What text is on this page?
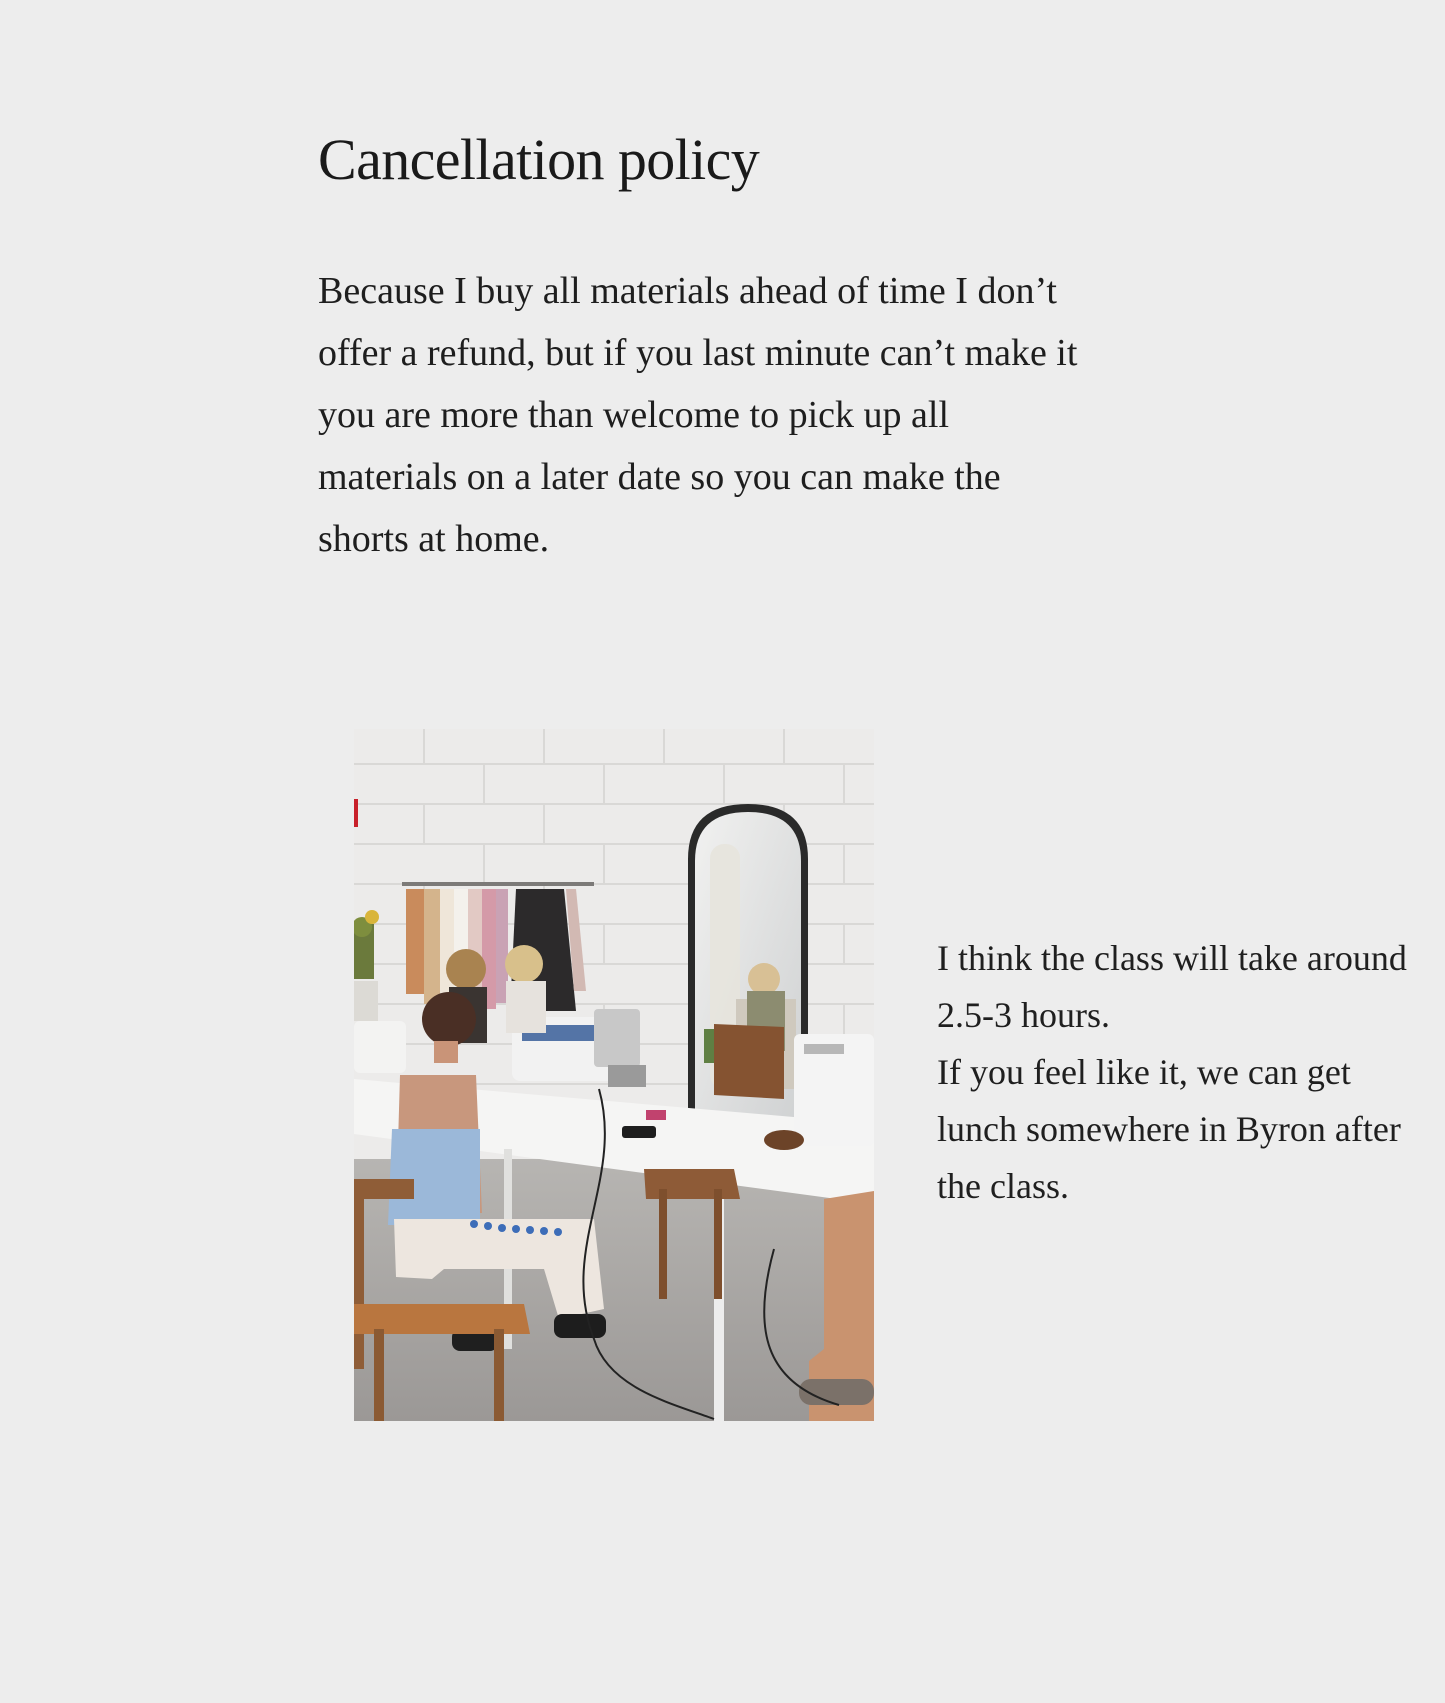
Cancellation policy

Because I buy all materials ahead of time I don’t offer a refund, but if you last minute can’t make it you are more than welcome to pick up all materials on a later date so you can make the shorts at home.

I think the class will take around 2.5-3 hours.
If you feel like it, we can get lunch somewhere in Byron after the class.
